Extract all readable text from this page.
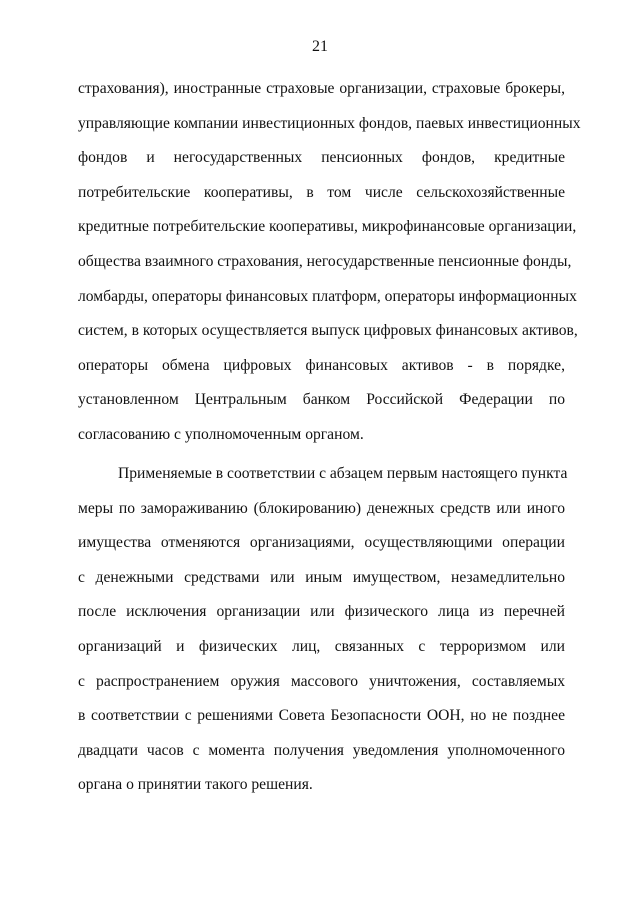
21
страхования), иностранные страховые организации, страховые брокеры,
управляющие компании инвестиционных фондов, паевых инвестиционных
фондов и негосударственных пенсионных фондов, кредитные
потребительские кооперативы, в том числе сельскохозяйственные
кредитные потребительские кооперативы, микрофинансовые организации,
общества взаимного страхования, негосударственные пенсионные фонды,
ломбарды, операторы финансовых платформ, операторы информационных
систем, в которых осуществляется выпуск цифровых финансовых активов,
операторы обмена цифровых финансовых активов - в порядке,
установленном Центральным банком Российской Федерации по
согласованию с уполномоченным органом.
Применяемые в соответствии с абзацем первым настоящего пункта
меры по замораживанию (блокированию) денежных средств или иного
имущества отменяются организациями, осуществляющими операции
с денежными средствами или иным имуществом, незамедлительно
после исключения организации или физического лица из перечней
организаций и физических лиц, связанных с терроризмом или
с распространением оружия массового уничтожения, составляемых
в соответствии с решениями Совета Безопасности ООН, но не позднее
двадцати часов с момента получения уведомления уполномоченного
органа о принятии такого решения.
